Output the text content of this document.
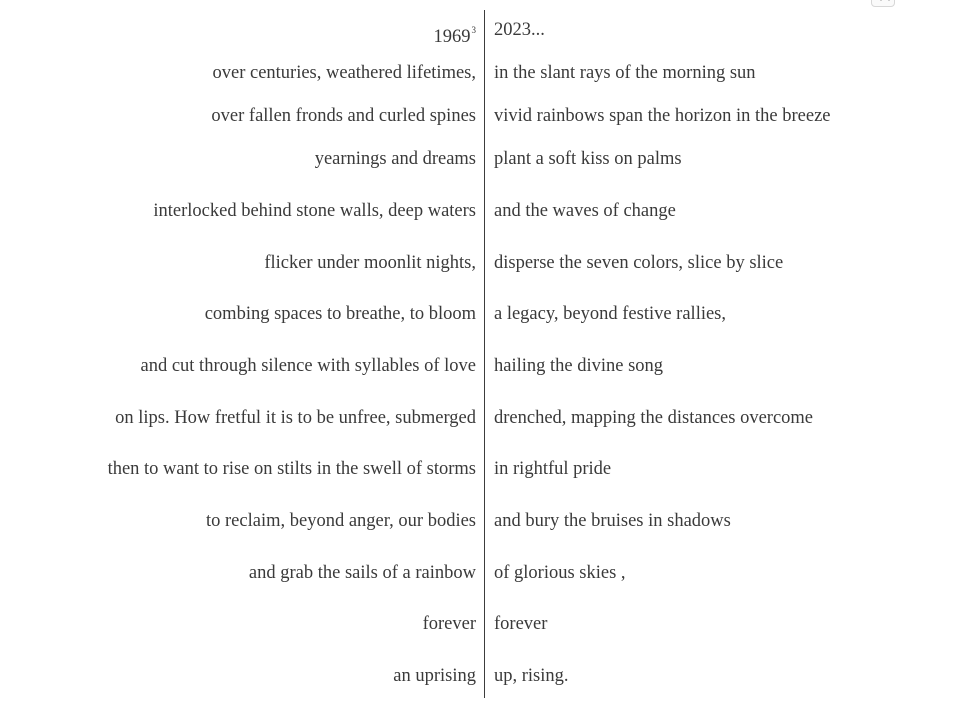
1969$^3$ 2023...
over centuries, weathered lifetimes, in the slant rays of the morning sun
over fallen fronds and curled spines vivid rainbows span the horizon in the breeze
yearnings and dreams plant a soft kiss on palms
interlocked behind stone walls, deep waters and the waves of change
flicker under moonlit nights, disperse the seven colors, slice by slice
combing spaces to breathe, to bloom a legacy, beyond festive rallies,
and cut through silence with syllables of love hailing the divine song
on lips. How fretful it is to be unfree, submerged drenched, mapping the distances overcome
then to want to rise on stilts in the swell of storms in rightful pride
to reclaim, beyond anger, our bodies and bury the bruises in shadows
and grab the sails of a rainbow of glorious skies ,
forever forever
an uprising up, rising.
